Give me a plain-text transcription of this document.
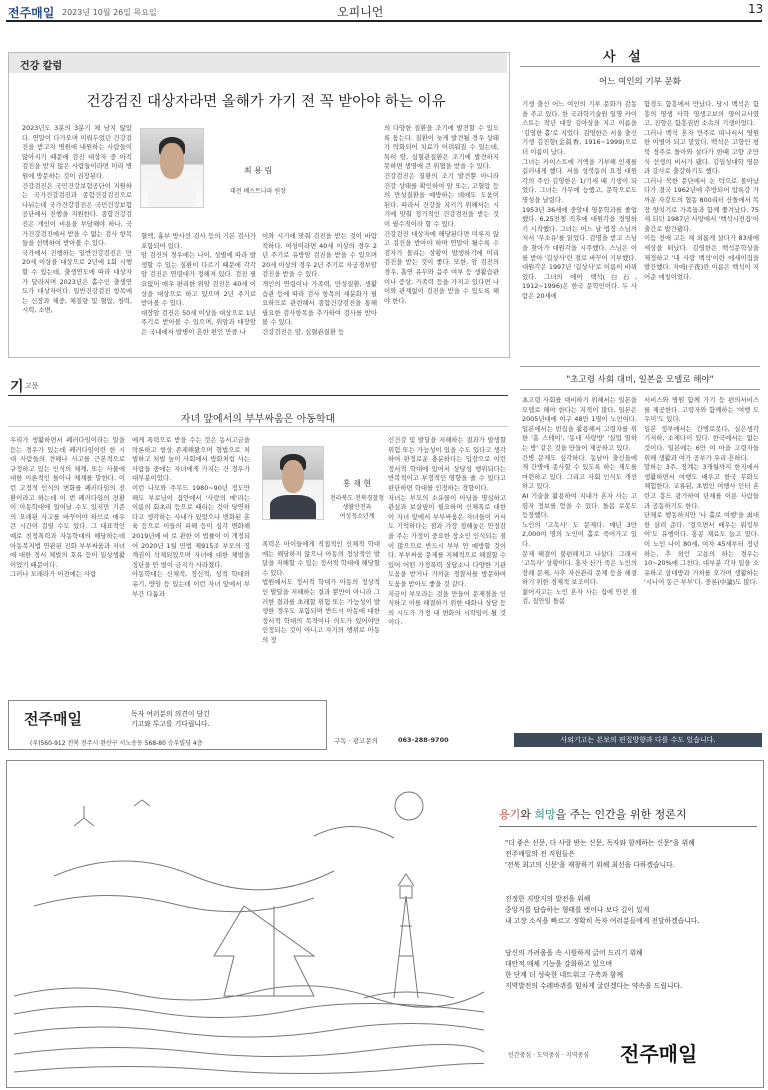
전주매일 2023년 10월 26일 목요일	오피니언	13
건강 칼럼
건강검진 대상자라면 올해가 가기 전 꼭 받아야 하는 이유
2023년도 3분의 3분기 체 남지 않았다. 연말이 다가오며 미뤄두었던 건강검진을 받고자 병원에 내원하는 사람들이 많아지기 때문에 검진 대상자 중 아직 검진을 받지 않은 사람들이라면 미리 병원에 방문하는 것이 권장된다.
건강검진은 국민건강보험공단이 지원하는 국가건강검진과 종합건강검진으로 나뉘는데 국가건강검진은 국민건강보험공단에서 진행을 지원한다. 종합건강검진은 개인이 비용을 부담해야 하나, 국가건강검진에서 받을 수 없는 검사 항목들을 선택하여 받아볼 수 있다.
국가에서 진행하는 일반건강검진은 만 20세 이상을 대상으로 2년에 1회 시행할 수 있는데, 출생연도에 따라 대상자가 달라지며 2023년은 홀수인 출생연도가 대상자이다. 일반건강검진 항목에는 신장과 체중, 체질량 및 혈압, 청력, 시력, 소변,
최 용 림
대전 베스트나파 원장
혈액, 흉부 방사선 검사 등의 기본 검사가 포함되어 있다.
암 검진의 경우에는 나이, 성별에 따라 발생할 수 있는 질환이 다르기 때문에 각각 암 검진은 연령대가 정해져 있다. 검진 필요없이 매우 편리한 위암 검진은 40세 이상을 대상으로 하고 있으며 2년 주기로 받아볼 수 있다.
대장암 검진은 50세 이상을 대상으로 1년 주기로 받아볼 수 있으며, 위암과 대장암은 국내에서 발병이 흔한 편인 만큼 나
이와 시기에 맞춰 검진을 받는 것이 바람직하다. 여성이라면 40세 이상의 경우 2년 주기로 유방암 검진을 받을 수 있으며 20세 이상의 경우 2년 주기로 자궁경부암 검진을 받을 수 있다.
개인의 연령이나 가족력, 만성질환, 생활습관 등에 따라 검사 항목의 세분화가 필요하므로 관련해서 종합건강검진을 통해 필요한 검사항목을 추가하여 검사를 받아볼 수 있다.
건강검진은 암, 심혈관질환 등
의 다양한 질환을 조기에 발견할 수 있도록 돕는다. 질환이 늦게 발견될 경우 상태가 악화되어 치료가 어려워질 수 있는데, 특히 암, 심혈관질환은 조기에 발견하지 못하면 생명에 큰 위협을 받을 수 있다.
건강검진은 질환의 조기 발견뿐 아니라 건강 상태를 확인하여 암 또는, 고혈압 등의 만성질환을 예방하는 데에도 도움이 된다. 따라서 건강을 지키기 위해서는 시기에 맞춰 정기적인 건강검진을 받는 것이 필수적이라 할 수 있다.
건강검진 대상자에 해당된다면 미루지 않고 검진을 받아야 하며 연말이 될수록 수검자가 몰리는 상황이 발생하기에 미리 검진을 받는 것이 좋다. 또한, 암 검진의 경우, 흡연 유무와 음주 여부 등 생활습관이나 증상, 가족력 등을 가지고 있다면 나이와 관계없이 검진을 받을 수 있도록 해야 한다.
사 설
어느 여인의 기부 문화
기생 출신 어느 여인의 기부 문화가 감동을 주고 있다. 한 국과학기술원 일명 카이스트는 작년 대장 김아상을 지고 이름을 '김영한 홀'로 지었다. 김영한은 서울 출신 기생 김진향(金眞香, 1916~1999)으로 더 이름이 났다.
그녀는 카이스트에 거액을 기부해 인재를 길러내게 했다. 서울 성북동의 요정 대원각의 주인 김영한은 1/기세 때 기생이 되었다. 그녀는 가무에 능했고, 문학으로도 명성을 날렸다.
1953년 36세에 중앙대 영문학과를 졸업했다. 6,25전쟁 직후에 대원각을 경영하기 시작했다. 그녀는 어느 날 법정 스님의 저서 '무소유'를 읽었다. 감명을 받고 스님을 찾아가 대원각을 시주했다. 스님은 이를 받아 '길상사'란 절로 바꾸어 기부했다.
대원각은 1997년 '길상사'로 이름이 바뀌었다. 그녀의 에어 백석(白石, 1912~1996)은 한국 문학인이다. 두 사람은 20세에
함경도 함흥에서 만났다. 당시 백석은 함흥의 영생 사학 영생고보의 영어교사였고, 진향은 함흥권번 소속의 기생이었다.
그러나 백석 혼자 만주로 떠나서서 영원한 이별이 되고 말았다. 백석은 고향인 평북 정주로 돌아와 살다가 한때 고향 조만식 선생의 비서가 됐다. 김일성대학 영문과 강사로 출강하기도 했다.
그러나 북한 문단에서 논 탁으로 몰아났다가 결국 1962년에 추방되어 압록강 가까운 자강도의 협동 800리터 산돌에서 목장 양치기로 가족들과 함께 쫓겨났다. 75세 되던 1987년 사망에서 '백석시전집'이 출간로 발간됐다.
이듬 전에 고든 채 외롭게 살다가 83세에 세상을 떠났다. 김영한은 백석문학상을 제정하고 '내 사랑 백석'이란 에세이집을 발간했다. 자에(子夜)란 이름은 백석이 지어준 애칭이었다.
"초고령 사회 대비, 일본을 모델로 해야"
초고령 사회를 대비하기 위해서는 일본을 모델로 해야 한다는 지적이 많다. 일본은 2005년대에 이구 48만 1명이 노인이다. 일본에서는 빈집을 활용해서 고령자를 위한 '홈 스테이', '동네 사랑방' '실업 일하는 방' 같은 것을 만들어 제공하고 있다.
간병 문제도 심각하다. 동남아 출신들에게 간병에 종사할 수 있도록 하는 제도를 마련하고 있다. 그리고 사회 인식도 개선하고 있다.
AI 기술을 활용하여 지내가 혼자 사는 고령자 정보를 얻을 수 있다. 돌봄 로봇도 등장했다.
노인의 '고독사' 도 문제다. 매년 3만 2,000여 명의 노인이 홀로 죽어가고 있다.
문제 해결이 불편해지고 나살다. 그래서 '고독사' 상황이다. 홍자 산가 죽은 노인의 장례 문제, 사후 자산관리 문제 등을 해결하기 위한 경제적 보조이다.
젊어지고는 노인 혼자 사는 집에 안전 점검, 집안일 돌봄
서비스와 병원 함께 가기 등 편의서비스를 제공한다. 고령자와 함께하는 '여행 도우미'도 있다.
일본 정부에서는 간병로봇다, 실은생각 기저하, 소제다이 있다. 한국에서는 없는 것이다. 일본에는 6만 여 마을 고령자들 위해 생활과 여가 공부가 우리 흔하다.
말하는 3주, 정계는 3개월까지 한지에서 생활하면서 여행도 배우고 한국 무화도 체험한다. 교류된, 초법인 여행사 인터 혼란고 흥드 광가하여 단체를 이룬 사람들과 공동하기도 한다.
단체로 행동하지만 '나 홀로 여행'을 최대한 살려 준다. '걸으면서 배우는 워킹투어'도 유행이다. 홍콩 재료도 늘고 있다. 이 노인 나이 80세, 여자 45세부터 정년 하는, 추 외인 고용의 하는 경우는 10~20%에 그친다. 대부분 각자 일을 소유하고 상대방과 거처를 오가며 생활하는 '시니어 동근 부부'다. 중론(中論)도 많다.
기 고문
자녀 앞에서의 부부싸움은 아동학대
우리가 생활하면서 폐러다임이라는 말을 듣는 경우가 있는데 폐러다임이란 한 시대 사람들의 견해나 사고를 근본적으로 규정하고 있는 인식의 체계, 또는 사물에 대한 이론적인 틀이나 체계를 말한다. 이런 고정적 인식의 변화를 폐러다임의 전환이라고 하는데 이 번 폐러다임의 전환이 아동학대에 일어날 수도 있지만 기존의 오래된 사고를 바꾸어야 하므로 매우 큰 시간이 걸릴 수도 있다. 그 대표적인 예로 친정폭력과 자동학대의 해당하는데 아동복지법 연관된 진화 부부싸움과 자녀에 대한 정서 체벌의 호유 등이 일상생활이었기 때문이다.
그러나 모래라가 이전에는 사람
에게 폭력으로 받을 수는 것은 동서고금을 막론하고 항상 존재해왔으며 형법으로 처벌하고 처벌 높이 사회에서 방화처럼 사는 사람들 중에는 자녀에게 가지는 건 경우가 대부분이었다.
이런 나모와 주무드 1980~90년 정도만 해도 부로님이 집안에서 '사랑의 매'라는 이름의 회초리 등으로 때리는 것이 당연하다고 생각하는 사내가 있었으나 변화된 훈육 등으로 이들의 피해 등이 심각 변화해 2019년에 비 로 관한 이 법률이 이 개정되어 2020년 1월 민법 제915조 부모의 징계권이 삭제되었으며 자녀에 대한 체벌을 징단을 안 벌이 금지가 사라졌다.
아동학대는 신체적, 정신적, 성적 학대와 유기, 방임 등 있는데 이런 자녀 앞에서 부부간 다툼과
홍 재 현
전라북도 전북경찰청
생활안전과
여성청소년계
폭력은 아이들에게 직접적인 신체적 학대에는 해당하지 않으나 아동의 정상적인 발달을 저해할 수 있는 정서적 학대에 해당할 수 있다.
법원에서도 정서적 학대가 아동의 정상적인 발달을 저해하는 결과 뿐만이 아니라 그러한 결과를 초래할 위험 또는 가능성이 발생한 경우도 포함되며 반드시 아동에 대한 정서적 학대의 목적이나 의도가 있어야만 인정되는 것이 아니고 자기의 행위로 아동의 정
신건강 및 발달을 저해하는 결과가 발생할 위험 또는 가능성이 있을 수도 있다고 생각하여 판정로운 충분하다는 입장으로 이런 정서적 학대에 있어서 상당성 행위되다는 반복적이고 부정적인 영향을 줄 수 있다고 판단하면 학대를 인정하는 경향이다.
자녀는 부모의 소유물이 아님을 명심하고 관심과 보살핌이 필요하며 신체폭로 대한이 자녀 앞에서 부부싸움은 자녀들이 커서도 기억하다는 점과 가장 정해놓은 안정감을 주는 가정이 중요한 장소인 인식되는 점이 많으므로 반드시 부부 안 예방할 것이다. 부부싸움 문제를 지혜적으로 해결할 수 있어 어떤 가정폭력 상담소나 다양한 기관 도움을 받거나 가까운 경찰서를 방문하여 도움을 받아도 좋을 것 같다.
지금이 부모라는 것을 만들어 문제점을 인식하고 이를 해결하기 위한 대화나 상담 등의 시도가 가정 내 변화의 시작임이 될 것이다.
전주매일	독자 여러분의 의견이 담긴
기고와 투고를 기다립니다.
(우)560-912 전북 전주시 완산구 서노송동 568-80 승우빌딩 4층	구독 · 광고문의	063-288-9700	사외기고는 본보의 편집방향과 다를 수도 있습니다.
용기와 희망을 주는 인간을 위한 정론지
"더 좋은 신문, 더 사랑 받는 신문, 독자와 함께하는 신문"을 위해
전주매일의 전 직원들은
'전북 최고의 신문'을 재창하기 위해 최선을 다하겠습니다.
진정한 지방지의 발전을 위해
중앙지를 답습하는 형태를 벗어나 보다 깊이 있게
내 고장 소식을 빠르고 정확히 독자 여러분들에게 전달하겠습니다.
당신의 가려움을 속 시원하게 긁어 드리기 위해
대안적 매체 기능을 강화하고 있으며
한 단계 더 성숙한 네트워크 구축과 함께
지역발전의 수레바퀴를 힘차게 굴린겠다는 약속을 드립니다.
인간중심 · 도덕중심 · 지역중심 전주매일
